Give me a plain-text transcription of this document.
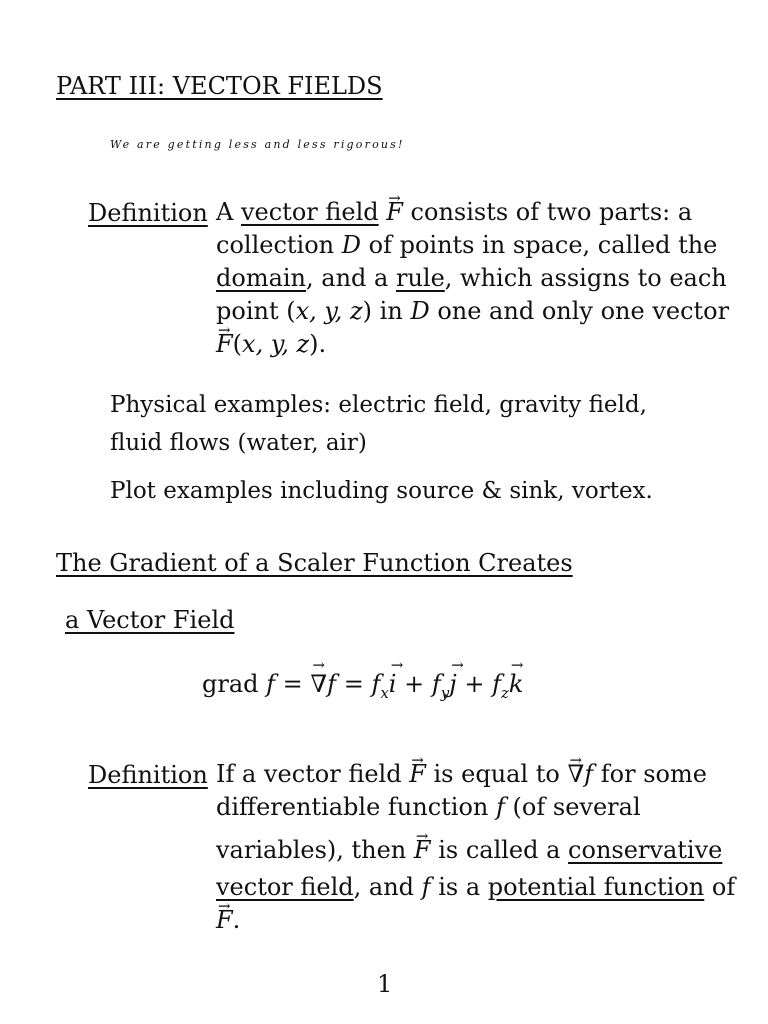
PART III: VECTOR FIELDS
We are getting less and less rigorous!
Definition A vector field → F consists of two parts: a
collection D of points in space, called the
domain, and a rule, which assigns to each
point (x, y, z) in D one and only one vector
→ F(x, y, z).
Physical examples: electric field, gravity field,
fluid flows (water, air)
Plot examples including source & sink, vortex.
The Gradient of a Scaler Function Creates
a Vector Field
grad f = → $\nabla f = f_x\to i + f_y\to j + f_z\to k$
Definition If a vector field → F is equal to → ∇f for some
differentiable function f (of several
variables), then → F is called a conservative
vector field, and f is a potential function of
→ F.
1
